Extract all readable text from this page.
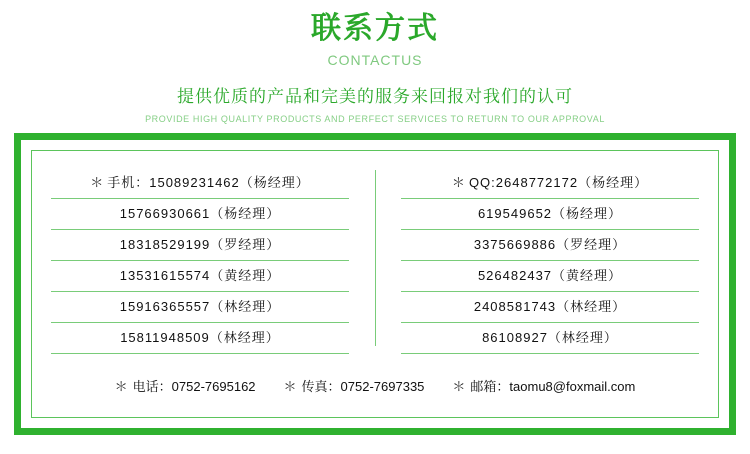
联系方式
CONTACTUS
提供优质的产品和完美的服务来回报对我们的认可
PROVIDE HIGH QUALITY PRODUCTS AND PERFECT SERVICES TO RETURN TO OUR APPROVAL
＊ 手机：15089231462（杨经理）
15766930661（杨经理）
18318529199（罗经理）
13531615574（黄经理）
15916365557（林经理）
15811948509（林经理）
＊ QQ:2648772172（杨经理）
619549652（杨经理）
3375669886（罗经理）
526482437（黄经理）
2408581743（林经理）
86108927（林经理）
＊ 电话：0752-7695162	＊ 传真：0752-7697335	＊ 邮箱：taomu8@foxmail.com
